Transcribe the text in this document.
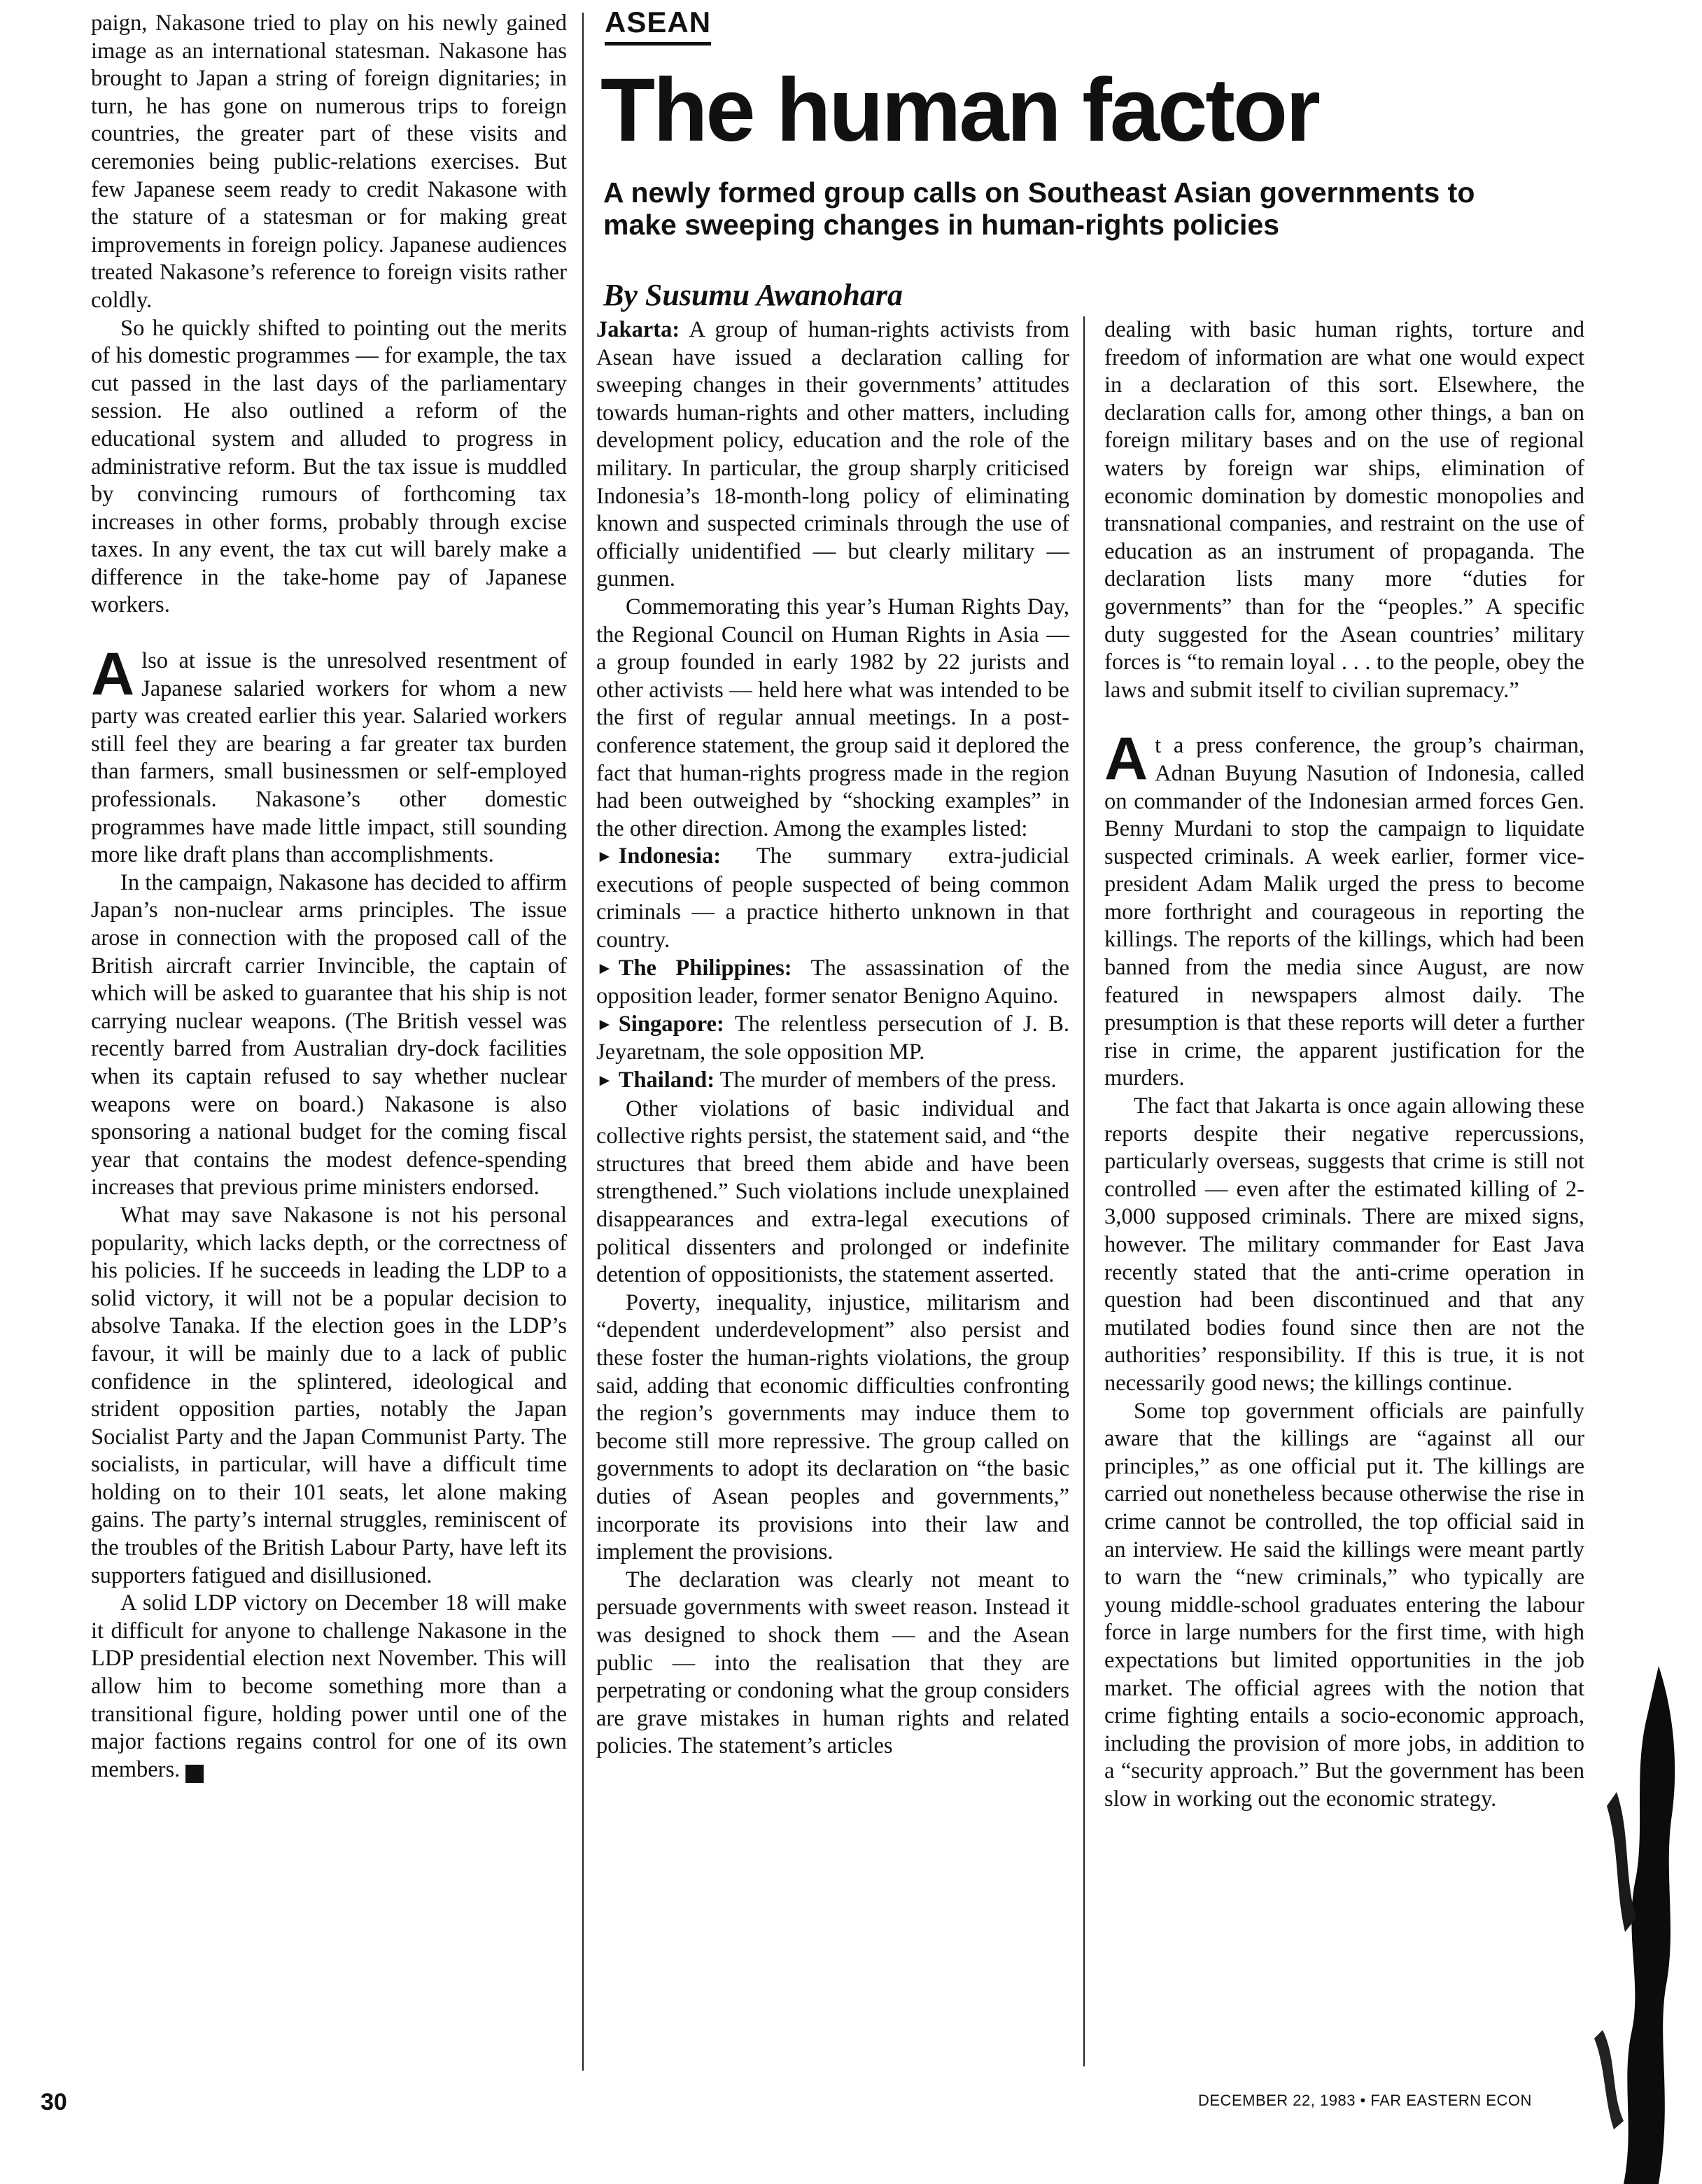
paign, Nakasone tried to play on his newly gained image as an international statesman. Nakasone has brought to Japan a string of foreign dignitaries; in turn, he has gone on numerous trips to foreign countries, the greater part of these visits and ceremonies being public-relations exercises. But few Japanese seem ready to credit Nakasone with the stature of a statesman or for making great improvements in foreign policy. Japanese audiences treated Nakasone’s reference to foreign visits rather coldly.

So he quickly shifted to pointing out the merits of his domestic programmes — for example, the tax cut passed in the last days of the parliamentary session. He also outlined a reform of the educational system and alluded to progress in administrative reform. But the tax issue is muddled by convincing rumours of forthcoming tax increases in other forms, probably through excise taxes. In any event, the tax cut will barely make a difference in the take-home pay of Japanese workers.

Also at issue is the unresolved resentment of Japanese salaried workers for whom a new party was created earlier this year. Salaried workers still feel they are bearing a far greater tax burden than farmers, small businessmen or self-employed professionals. Nakasone’s other domestic programmes have made little impact, still sounding more like draft plans than accomplishments.

In the campaign, Nakasone has decided to affirm Japan’s non-nuclear arms principles. The issue arose in connection with the proposed call of the British aircraft carrier Invincible, the captain of which will be asked to guarantee that his ship is not carrying nuclear weapons. (The British vessel was recently barred from Australian dry-dock facilities when its captain refused to say whether nuclear weapons were on board.) Nakasone is also sponsoring a national budget for the coming fiscal year that contains the modest defence-spending increases that previous prime ministers endorsed.

What may save Nakasone is not his personal popularity, which lacks depth, or the correctness of his policies. If he succeeds in leading the LDP to a solid victory, it will not be a popular decision to absolve Tanaka. If the election goes in the LDP’s favour, it will be mainly due to a lack of public confidence in the splintered, ideological and strident opposition parties, notably the Japan Socialist Party and the Japan Communist Party. The socialists, in particular, will have a difficult time holding on to their 101 seats, let alone making gains. The party’s internal struggles, reminiscent of the troubles of the British Labour Party, have left its supporters fatigued and disillusioned.

A solid LDP victory on December 18 will make it difficult for anyone to challenge Nakasone in the LDP presidential election next November. This will allow him to become something more than a transitional figure, holding power until one of the major factions regains control for one of its own members. ■

ASEAN
The human factor
A newly formed group calls on Southeast Asian governments to make sweeping changes in human-rights policies
By Susumu Awanohara

Jakarta: A group of human-rights activists from Asean have issued a declaration calling for sweeping changes in their governments’ attitudes towards human-rights and other matters, including development policy, education and the role of the military. In particular, the group sharply criticised Indonesia’s 18-month-long policy of eliminating known and suspected criminals through the use of officially unidentified — but clearly military — gunmen.

Commemorating this year’s Human Rights Day, the Regional Council on Human Rights in Asia — a group founded in early 1982 by 22 jurists and other activists — held here what was intended to be the first of regular annual meetings. In a post-conference statement, the group said it deplored the fact that human-rights progress made in the region had been outweighed by “shocking examples” in the other direction. Among the examples listed:

► Indonesia: The summary extra-judicial executions of people suspected of being common criminals — a practice hitherto unknown in that country.

► The Philippines: The assassination of the opposition leader, former senator Benigno Aquino.

► Singapore: The relentless persecution of J. B. Jeyaretnam, the sole opposition MP.

► Thailand: The murder of members of the press.

Other violations of basic individual and collective rights persist, the statement said, and “the structures that breed them abide and have been strengthened.” Such violations include unexplained disappearances and extra-legal executions of political dissenters and prolonged or indefinite detention of oppositionists, the statement asserted.

Poverty, inequality, injustice, militarism and “dependent underdevelopment” also persist and these foster the human-rights violations, the group said, adding that economic difficulties confronting the region’s governments may induce them to become still more repressive. The group called on governments to adopt its declaration on “the basic duties of Asean peoples and governments,” incorporate its provisions into their law and implement the provisions.

The declaration was clearly not meant to persuade governments with sweet reason. Instead it was designed to shock them — and the Asean public — into the realisation that they are perpetrating or condoning what the group considers are grave mistakes in human rights and related policies. The statement’s articles

dealing with basic human rights, torture and freedom of information are what one would expect in a declaration of this sort. Elsewhere, the declaration calls for, among other things, a ban on foreign military bases and on the use of regional waters by foreign war ships, elimination of economic domination by domestic monopolies and transnational companies, and restraint on the use of education as an instrument of propaganda. The declaration lists many more “duties for governments” than for the “peoples.” A specific duty suggested for the Asean countries’ military forces is “to remain loyal . . . to the people, obey the laws and submit itself to civilian supremacy.”

At a press conference, the group’s chairman, Adnan Buyung Nasution of Indonesia, called on commander of the Indonesian armed forces Gen. Benny Murdani to stop the campaign to liquidate suspected criminals. A week earlier, former vice-president Adam Malik urged the press to become more forthright and courageous in reporting the killings. The reports of the killings, which had been banned from the media since August, are now featured in newspapers almost daily. The presumption is that these reports will deter a further rise in crime, the apparent justification for the murders.

The fact that Jakarta is once again allowing these reports despite their negative repercussions, particularly overseas, suggests that crime is still not controlled — even after the estimated killing of 2-3,000 supposed criminals. There are mixed signs, however. The military commander for East Java recently stated that the anti-crime operation in question had been discontinued and that any mutilated bodies found since then are not the authorities’ responsibility. If this is true, it is not necessarily good news; the killings continue.

Some top government officials are painfully aware that the killings are “against all our principles,” as one official put it. The killings are carried out nonetheless because otherwise the rise in crime cannot be controlled, the top official said in an interview. He said the killings were meant partly to warn the “new criminals,” who typically are young middle-school graduates entering the labour force in large numbers for the first time, with high expectations but limited opportunities in the job market. The official agrees with the notion that crime fighting entails a socio-economic approach, including the provision of more jobs, in addition to a “security approach.” But the government has been slow in working out the economic strategy.

30	DECEMBER 22, 1983 • FAR EASTERN ECON
